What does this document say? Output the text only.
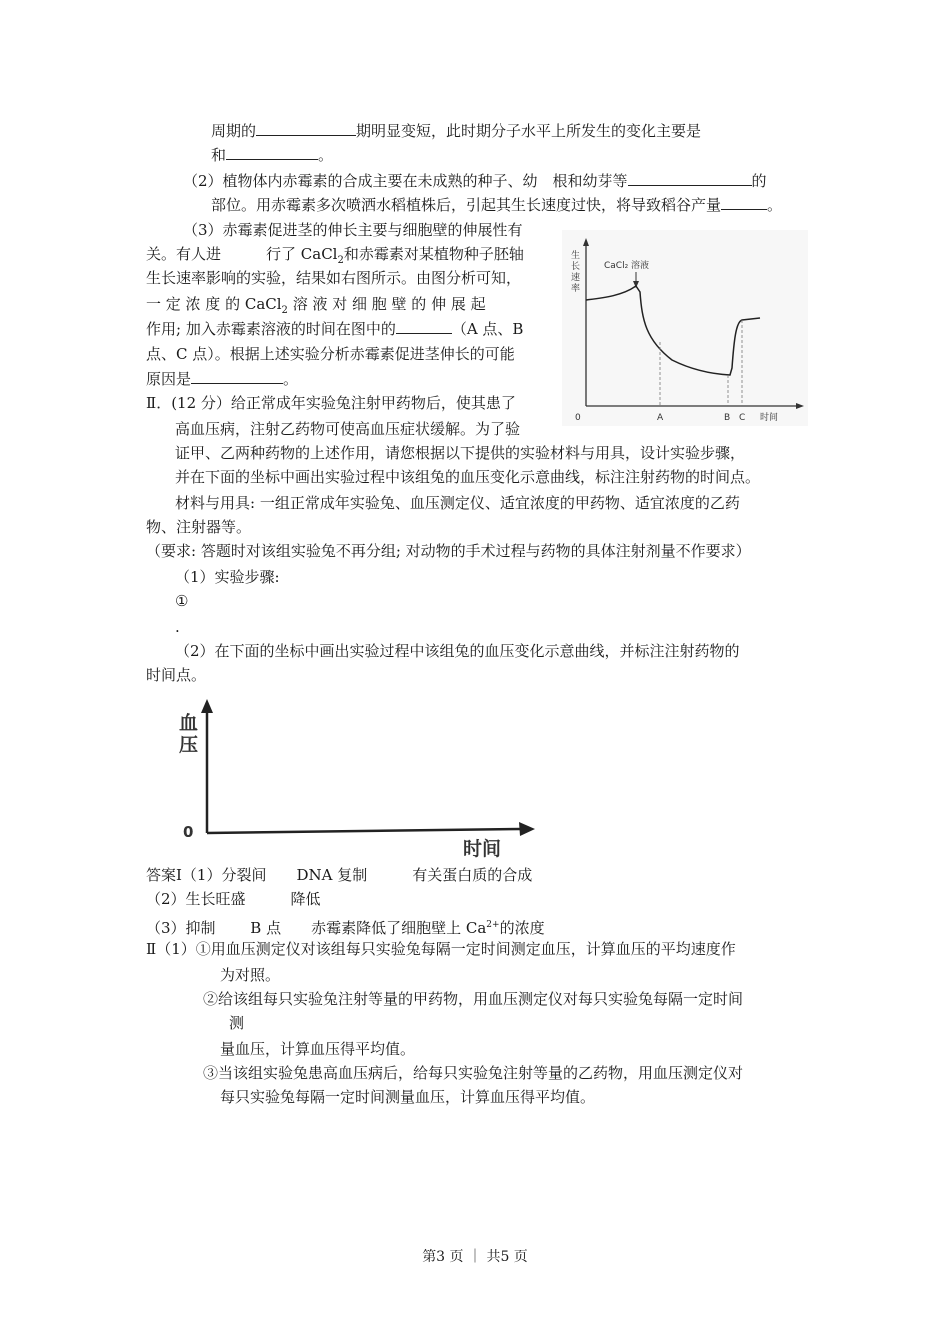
周期的	期明显变短，此时期分子水平上所发生的变化主要是
和	。
（2）植物体内赤霉素的合成主要在未成熟的种子、幼　根和幼芽等	的
部位。用赤霉素多次喷洒水稻植株后，引起其生长速度过快，将导致稻谷产量	。
（3）赤霉素促进茎的伸长主要与细胞壁的伸展性有
关。有人进　　　行了 CaCl$_2$和赤霉素对某植物种子胚轴
生长速率影响的实验，结果如右图所示。由图分析可知，
一 定 浓 度 的 CaCl$_2$ 溶 液 对 细 胞 壁 的 伸 展 起
作用; 加入赤霉素溶液的时间在图中的	（A 点、B
点、C 点）。根据上述实验分析赤霉素促进茎伸长的可能
原因是	。
生
长
速
率
CaCl₂ 溶液
0	A	B C 时间
Ⅱ．(12 分）给正常成年实验兔注射甲药物后，使其患了
高血压病，注射乙药物可使高血压症状缓解。为了验
证甲、乙两种药物的上述作用，请您根据以下提供的实验材料与用具，设计实验步骤，
并在下面的坐标中画出实验过程中该组兔的血压变化示意曲线，标注注射药物的时间点。
材料与用具: 一组正常成年实验兔、血压测定仪、适宜浓度的甲药物、适宜浓度的乙药
物、注射器等。
（要求: 答题时对该组实验兔不再分组; 对动物的手术过程与药物的具体注射剂量不作要求）
（1）实验步骤:
①
.
（2）在下面的坐标中画出实验过程中该组兔的血压变化示意曲线，并标注注射药物的
时间点。
血
压
0
时间
答案Ⅰ（1）分裂间　　DNA 复制　　　有关蛋白质的合成
（2）生长旺盛　　　降低
（3）抑制　　 B 点　　赤霉素降低了细胞壁上 $Ca^{2+}$的浓度
Ⅱ（1）①用血压测定仪对该组每只实验兔每隔一定时间测定血压，计算血压的平均速度作
为对照。
②给该组每只实验兔注射等量的甲药物，用血压测定仪对每只实验兔每隔一定时间
测
量血压，计算血压得平均值。
③当该组实验兔患高血压病后，给每只实验兔注射等量的乙药物，用血压测定仪对
每只实验兔每隔一定时间测量血压，计算血压得平均值。
第3 页 ｜ 共5 页
